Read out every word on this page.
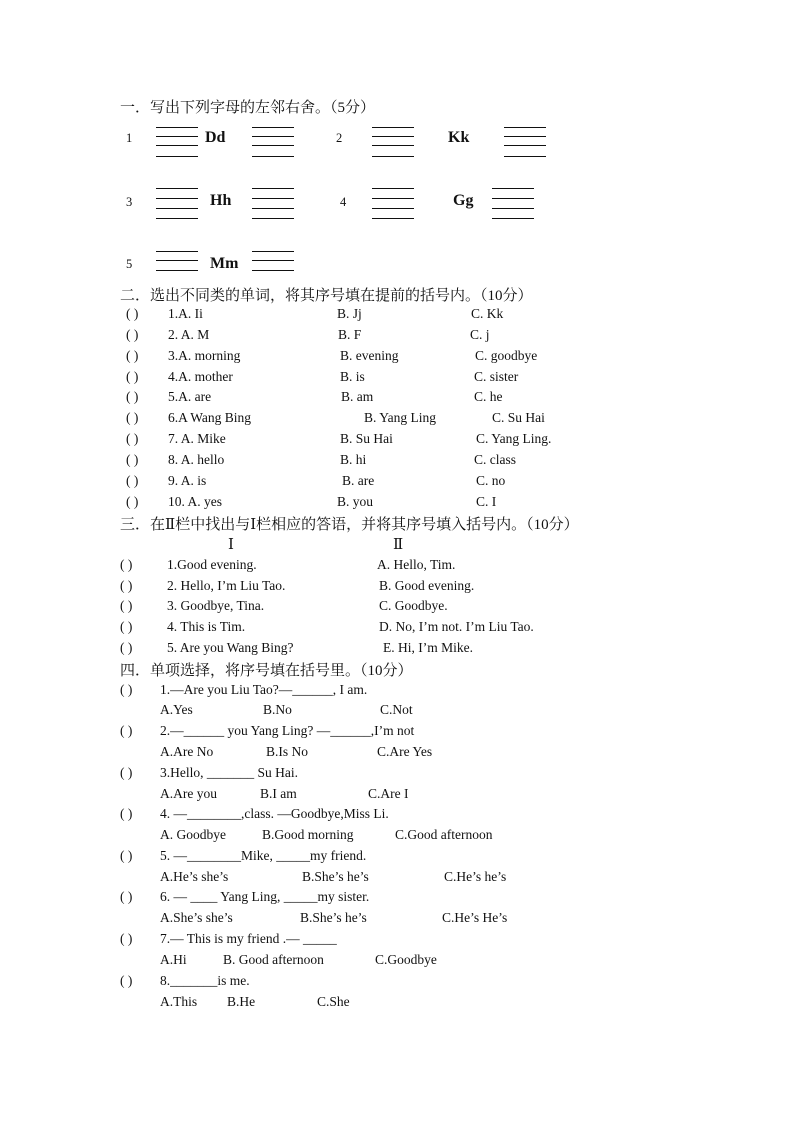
一．写出下列字母的左邻右舍。（5分）
1	Dd	2	Kk
3	Hh	4	Gg
5	Mm
二．选出不同类的单词，将其序号填在提前的括号内。（10分）
( ) 1.A. Ii	B. Jj	C. Kk
( ) 2. A. M	B. F	C. j
( ) 3.A. morning	B. evening	C. goodbye
( ) 4.A. mother	B. is	C. sister
( ) 5.A. are	B. am	C. he
( ) 6.A Wang Bing	B. Yang Ling	C. Su Hai
( ) 7. A. Mike	B. Su Hai	C. Yang Ling.
( ) 8. A. hello	B. hi	C. class
( ) 9. A. is	B. are	C. no
( ) 10. A. yes	B. you	C. I
三．在Ⅱ栏中找出与Ⅰ栏相应的答语，并将其序号填入括号内。（10分）
Ⅰ	Ⅱ
( )	1.Good evening.	A. Hello, Tim.
( )	2. Hello, I’m Liu Tao.	B. Good evening.
( )	3. Goodbye, Tina.	C. Goodbye.
( )	4. This is Tim.	D. No, I’m not. I’m Liu Tao.
( )	5. Are you Wang Bing?	E. Hi, I’m Mike.
四．单项选择，将序号填在括号里。（10分）
( ) 1.—Are you Liu Tao?—______, I am.
A.Yes	B.No	C.Not
( ) 2.—______ you Yang Ling? —______,I’m not
A.Are No	B.Is No	C.Are Yes
( ) 3.Hello, _______ Su Hai.
A.Are you	B.I am	C.Are I
( ) 4. —________,class. —Goodbye,Miss Li.
A. Goodbye	B.Good morning	C.Good afternoon
( ) 5. —________Mike, _____my friend.
A.He’s she’s	B.She’s he’s	C.He’s he’s
( ) 6. — ____ Yang Ling, _____my sister.
A.She’s she’s	B.She’s he’s	C.He’s He’s
( ) 7.— This is my friend .— _____
A.Hi	B. Good afternoon	C.Goodbye
( ) 8._______is me.
A.This B.He	C.She
